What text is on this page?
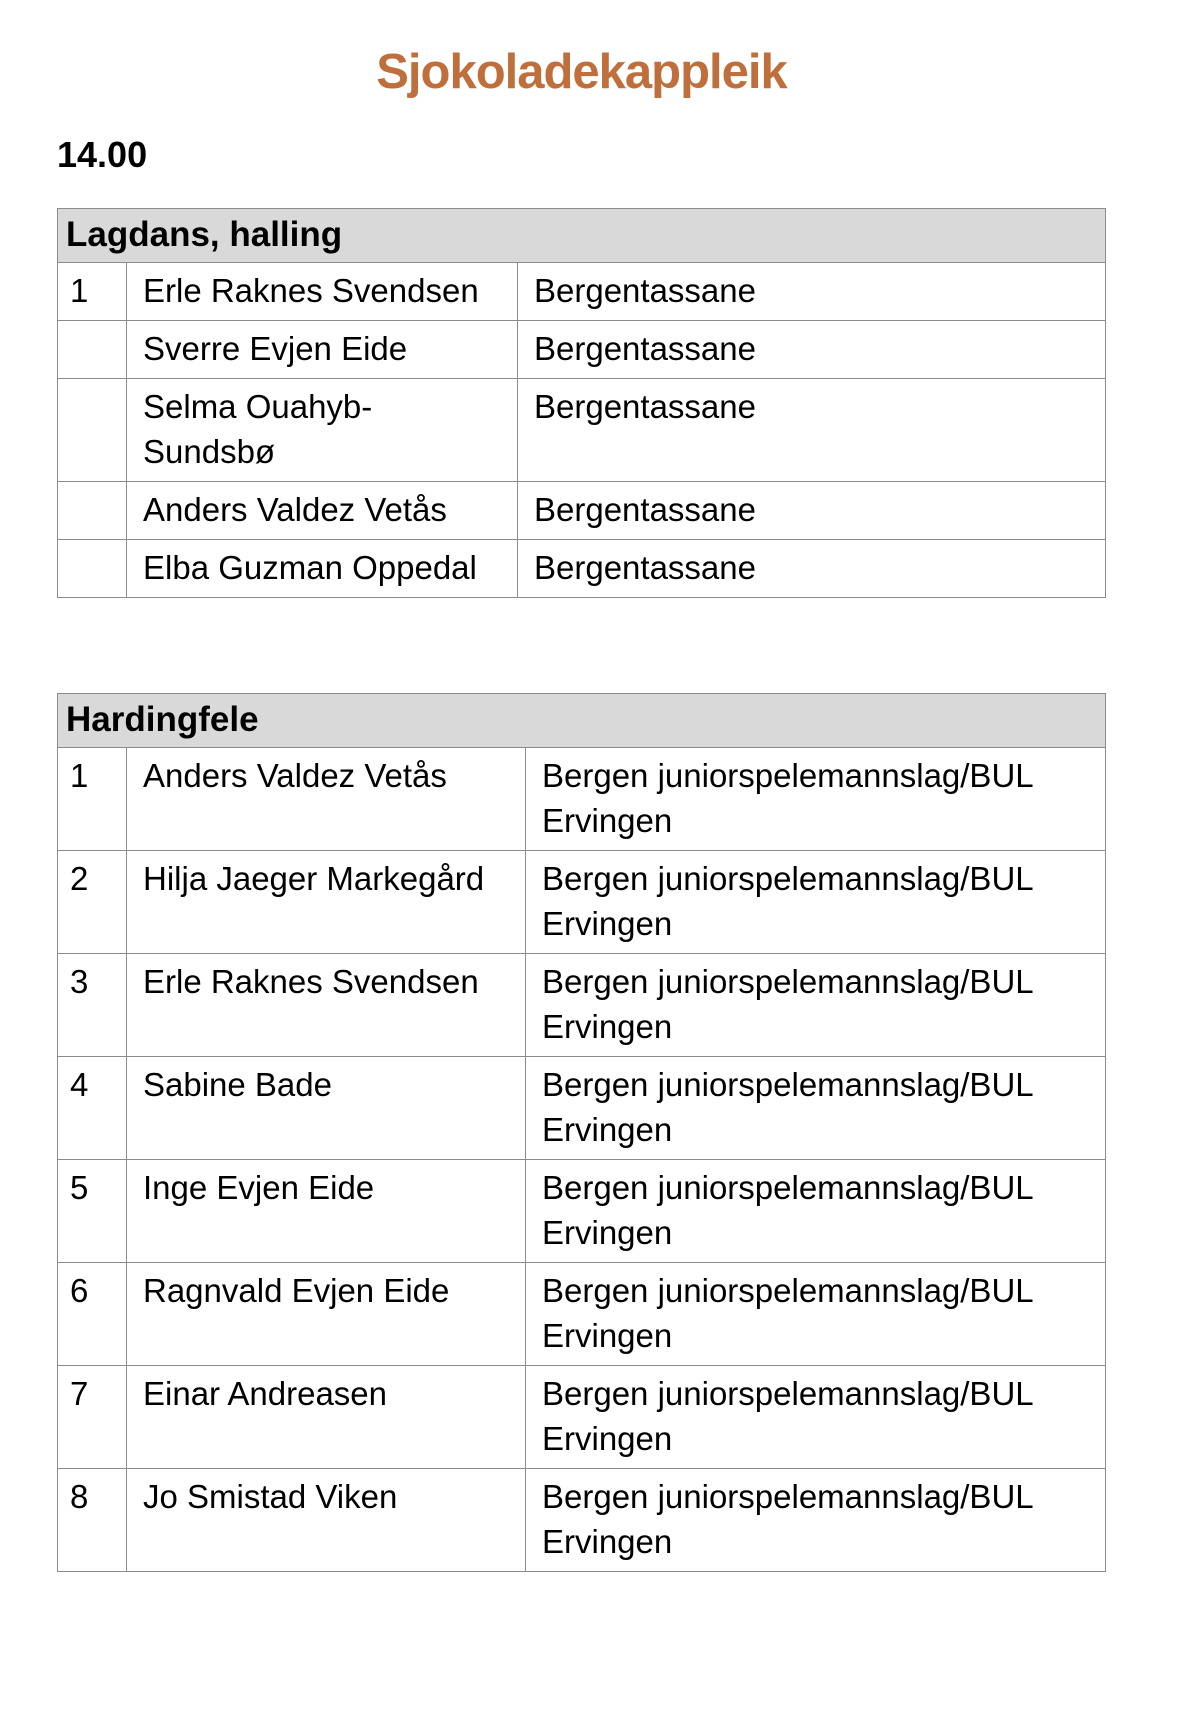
Sjokoladekappleik
14.00
Lagdans, halling		
1	Erle Raknes Svendsen	Bergentassane
	Sverre Evjen Eide	Bergentassane
	Selma Ouahyb-Sundsbø	Bergentassane
	Anders Valdez Vetås	Bergentassane
	Elba Guzman Oppedal	Bergentassane
Hardingfele		
1	Anders Valdez Vetås	Bergen juniorspelemannslag/BUL Ervingen
2	Hilja Jaeger Markegård	Bergen juniorspelemannslag/BUL Ervingen
3	Erle Raknes Svendsen	Bergen juniorspelemannslag/BUL Ervingen
4	Sabine Bade	Bergen juniorspelemannslag/BUL Ervingen
5	Inge Evjen Eide	Bergen juniorspelemannslag/BUL Ervingen
6	Ragnvald Evjen Eide	Bergen juniorspelemannslag/BUL Ervingen
7	Einar Andreasen	Bergen juniorspelemannslag/BUL Ervingen
8	Jo Smistad Viken	Bergen juniorspelemannslag/BUL Ervingen
